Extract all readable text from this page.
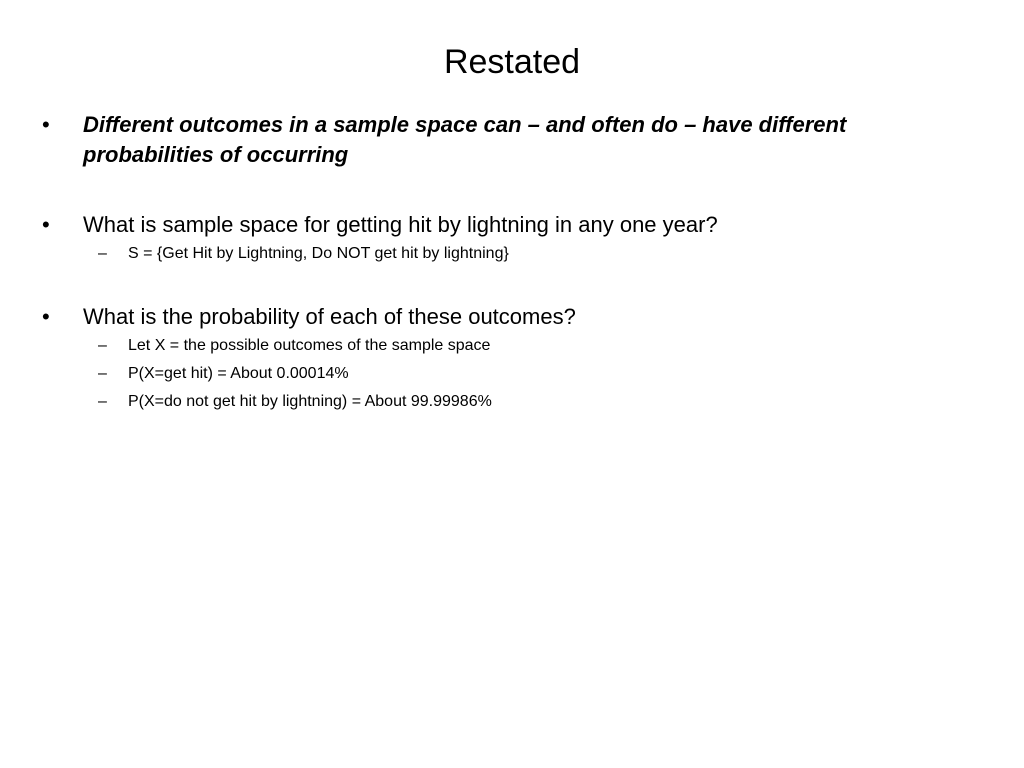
Restated
•	Different outcomes in a sample space can – and often do – have different probabilities of occurring
•	What is sample space for getting hit by lightning in any one year?
– S = {Get Hit by Lightning, Do NOT get hit by lightning}
•	What is the probability of each of these outcomes?
– Let X = the possible outcomes of the sample space
– P(X=get hit) = About 0.00014%
– P(X=do not get hit by lightning) = About 99.99986%
